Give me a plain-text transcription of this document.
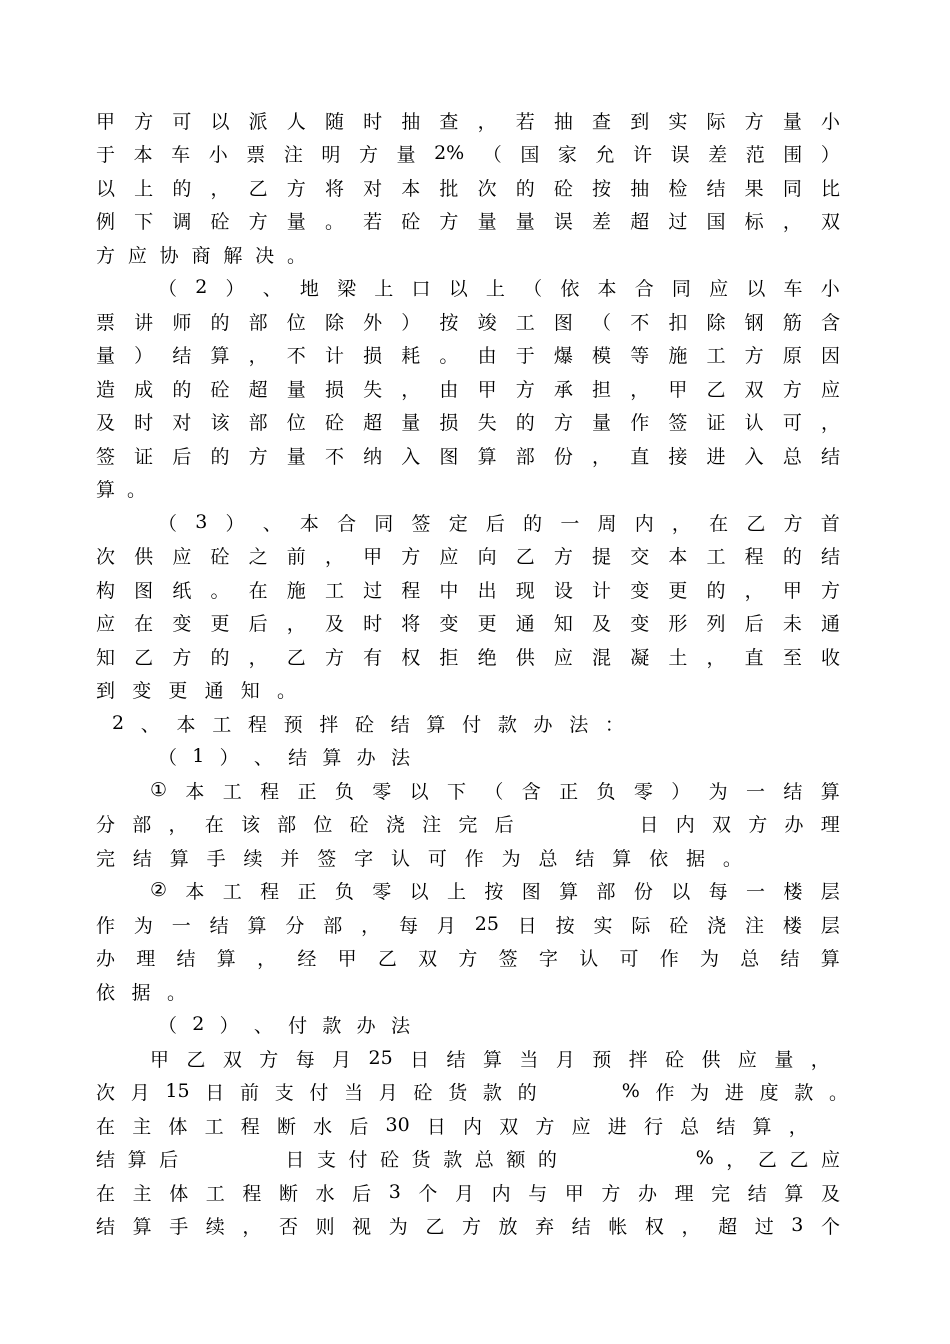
甲 方 可 以 派 人 随 时 抽 查 ， 若 抽 查 到 实 际 方 量 小
于 本 车 小 票 注 明 方 量 2% （ 国 家 允 许 误 差 范 围 ）
以 上 的 ， 乙 方 将 对 本 批 次 的 砼 按 抽 检 结 果 同 比
例 下 调 砼 方 量 。 若 砼 方 量 量 误 差 超 过 国 标 ， 双
方 应 协 商 解 决 。
（ 2 ） 、 地 梁 上 口 以 上 （ 依 本 合 同 应 以 车 小
票 讲 师 的 部 位 除 外 ） 按 竣 工 图 （ 不 扣 除 钢 筋 含
量 ） 结 算 ， 不 计 损 耗 。 由 于 爆 模 等 施 工 方 原 因
造 成 的 砼 超 量 损 失 ， 由 甲 方 承 担 ， 甲 乙 双 方 应
及 时 对 该 部 位 砼 超 量 损 失 的 方 量 作 签 证 认 可 ，
签 证 后 的 方 量 不 纳 入 图 算 部 份 ， 直 接 进 入 总 结
算 。
（ 3 ） 、 本 合 同 签 定 后 的 一 周 内 ， 在 乙 方 首
次 供 应 砼 之 前 ， 甲 方 应 向 乙 方 提 交 本 工 程 的 结
构 图 纸 。 在 施 工 过 程 中 出 现 设 计 变 更 的 ， 甲 方
应 在 变 更 后 ， 及 时 将 变 更 通 知 及 变 形 列 后 未 通
知 乙 方 的 ， 乙 方 有 权 拒 绝 供 应 混 凝 土 ， 直 至 收
到 变 更 通 知 。
2 、 本 工 程 预 拌 砼 结 算 付 款 办 法 ：
（ 1 ） 、 结 算 办 法
① 本 工 程 正 负 零 以 下 （ 含 正 负 零 ） 为 一 结 算
分 部 ， 在 该 部 位 砼 浇 注 完 后

　	日 内 双 方 办 理
完 结 算 手 续 并 签 字 认 可 作 为 总 结 算 依 据 。
② 本 工 程 正 负 零 以 上 按 图 算 部 份 以 每 一 楼 层
作 为 一 结 算 分 部 ， 每 月 25 日 按 实 际 砼 浇 注 楼 层
办 理 结 算 ， 经 甲 乙 双 方 签 字 认 可 作 为 总 结 算
依 据 。
（ 2 ） 、 付 款 办 法
甲 乙 双 方 每 月 25 日 结 算 当 月 预 拌 砼 供 应 量 ，
次 月 15 日 前 支 付 当 月 砼 货 款 的

　	% 作 为 进 度 款 。
在 主 体 工 程 断 水 后 30 日 内 双 方 应 进 行 总 结 算 ，
结 算 后

　	日 支 付 砼 货 款 总 额 的

　	% ， 乙 乙 应
在 主 体 工 程 断 水 后 3 个 月 内 与 甲 方 办 理 完 结 算 及
结 算 手 续 ， 否 则 视 为 乙 方 放 弃 结 帐 权 ， 超 过 3 个
